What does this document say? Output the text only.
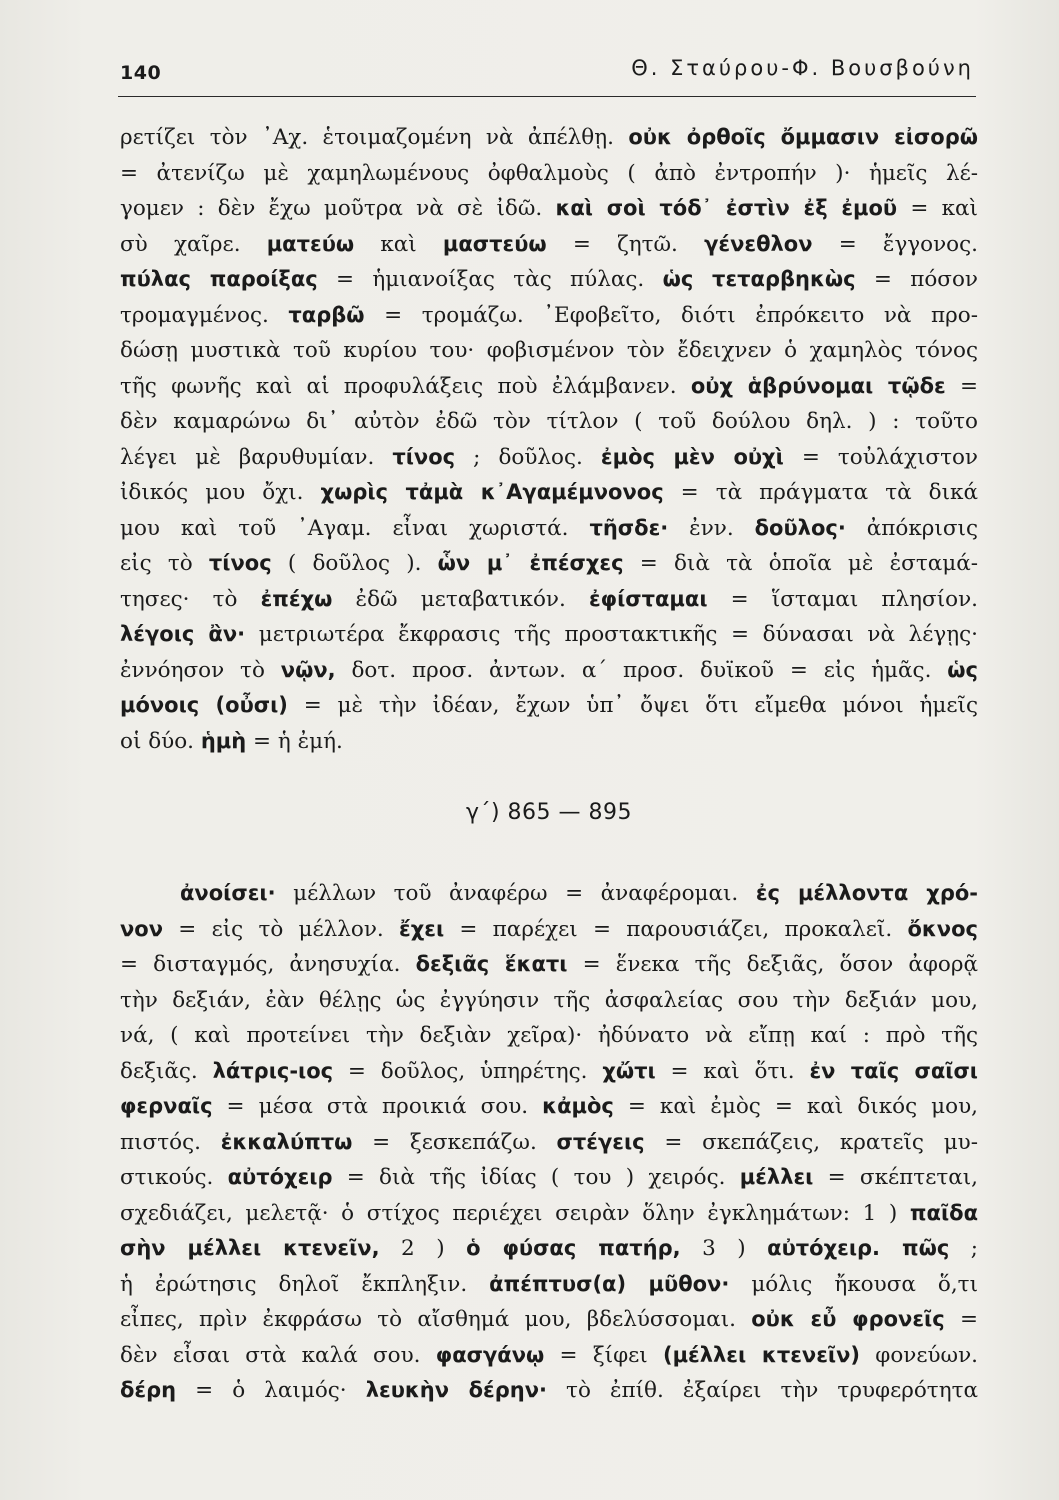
140	Θ. Σταύρου-Φ. Βουσβούνη
ρετίζει τὸν ᾿Αχ. ἑτοιμαζομένη νὰ ἀπέλθῃ. οὐκ ὀρθοῖς ὄμμασιν εἰσορῶ
= ἀτενίζω μὲ χαμηλωμένους ὀφθαλμοὺς ( ἀπὸ ἐντροπήν )· ἡμεῖς λέ-
γομεν : δὲν ἔχω μοῦτρα νὰ σὲ ἰδῶ. καὶ σοὶ τόδ᾿ ἐστὶν ἐξ ἐμοῦ = καὶ
σὺ χαῖρε. ματεύω καὶ μαστεύω = ζητῶ. γένεθλον = ἔγγονος.
πύλας παροίξας = ἡμιανοίξας τὰς πύλας. ὡς τεταρβηκὼς = πόσον
τρομαγμένος. ταρβῶ = τρομάζω. ᾿Εφοβεῖτο, διότι ἐπρόκειτο νὰ προ-
δώσῃ μυστικὰ τοῦ κυρίου του· φοβισμένον τὸν ἔδειχνεν ὁ χαμηλὸς τόνος
τῆς φωνῆς καὶ αἱ προφυλάξεις ποὺ ἐλάμβανεν. οὐχ ἁβρύνομαι τῷδε =
δὲν καμαρώνω δι᾿ αὐτὸν ἐδῶ τὸν τίτλον ( τοῦ δούλου δηλ. ) : τοῦτο
λέγει μὲ βαρυθυμίαν. τίνος ; δοῦλος. ἐμὸς μὲν οὐχὶ = τοὐλάχιστον
ἰδικός μου ὄχι. χωρὶς τἀμὰ κ᾿Αγαμέμνονος = τὰ πράγματα τὰ δικά
μου καὶ τοῦ ᾿Αγαμ. εἶναι χωριστά. τῆσδε· ἐνν. δοῦλος· ἀπόκρισις
εἰς τὸ τίνος ( δοῦλος ). ὧν μ᾿ ἐπέσχες = διὰ τὰ ὁποῖα μὲ ἐσταμά-
τησες· τὸ ἐπέχω ἐδῶ μεταβατικόν. ἐφίσταμαι = ἵσταμαι πλησίον.
λέγοις ἂν· μετριωτέρα ἔκφρασις τῆς προστακτικῆς = δύνασαι νὰ λέγῃς·
ἐννόησον τὸ νῷν, δοτ. προσ. ἀντων. α΄ προσ. δυϊκοῦ = εἰς ἡμᾶς. ὡς
μόνοις (οὖσι) = μὲ τὴν ἰδέαν, ἔχων ὑπ᾿ ὄψει ὅτι εἴμεθα μόνοι ἡμεῖς
οἱ δύο. ἡμὴ = ἡ ἐμή.
γ΄) 865 — 895
ἀνοίσει· μέλλων τοῦ ἀναφέρω = ἀναφέρομαι. ἐς μέλλοντα χρό-
νον = εἰς τὸ μέλλον. ἔχει = παρέχει = παρουσιάζει, προκαλεῖ. ὄκνος
= δισταγμός, ἀνησυχία. δεξιᾶς ἕκατι = ἕνεκα τῆς δεξιᾶς, ὅσον ἀφορᾷ
τὴν δεξιάν, ἐὰν θέλῃς ὡς ἐγγύησιν τῆς ἀσφαλείας σου τὴν δεξιάν μου,
νά, ( καὶ προτείνει τὴν δεξιὰν χεῖρα)· ἠδύνατο νὰ εἴπῃ καί : πρὸ τῆς
δεξιᾶς. λάτρις-ιος = δοῦλος, ὑπηρέτης. χὤτι = καὶ ὅτι. ἐν ταῖς σαῖσι
φερναῖς = μέσα στὰ προικιά σου. κἀμὸς = καὶ ἐμὸς = καὶ δικός μου,
πιστός. ἐκκαλύπτω = ξεσκεπάζω. στέγεις = σκεπάζεις, κρατεῖς μυ-
στικούς. αὐτόχειρ = διὰ τῆς ἰδίας ( του ) χειρός. μέλλει = σκέπτεται,
σχεδιάζει, μελετᾷ· ὁ στίχος περιέχει σειρὰν ὅλην ἐγκλημάτων: 1 ) παῖδα
σὴν μέλλει κτενεῖν, 2 ) ὁ φύσας πατήρ, 3 ) αὐτόχειρ. πῶς ;
ἡ ἐρώτησις δηλοῖ ἔκπληξιν. ἀπέπτυσ(α) μῦθον· μόλις ἤκουσα ὅ,τι
εἶπες, πρὶν ἐκφράσω τὸ αἴσθημά μου, βδελύσσομαι. οὐκ εὖ φρονεῖς =
δὲν εἶσαι στὰ καλά σου. φασγάνῳ = ξίφει (μέλλει κτενεῖν) φονεύων.
δέρη = ὁ λαιμός· λευκὴν δέρην· τὸ ἐπίθ. ἐξαίρει τὴν τρυφερότητα
